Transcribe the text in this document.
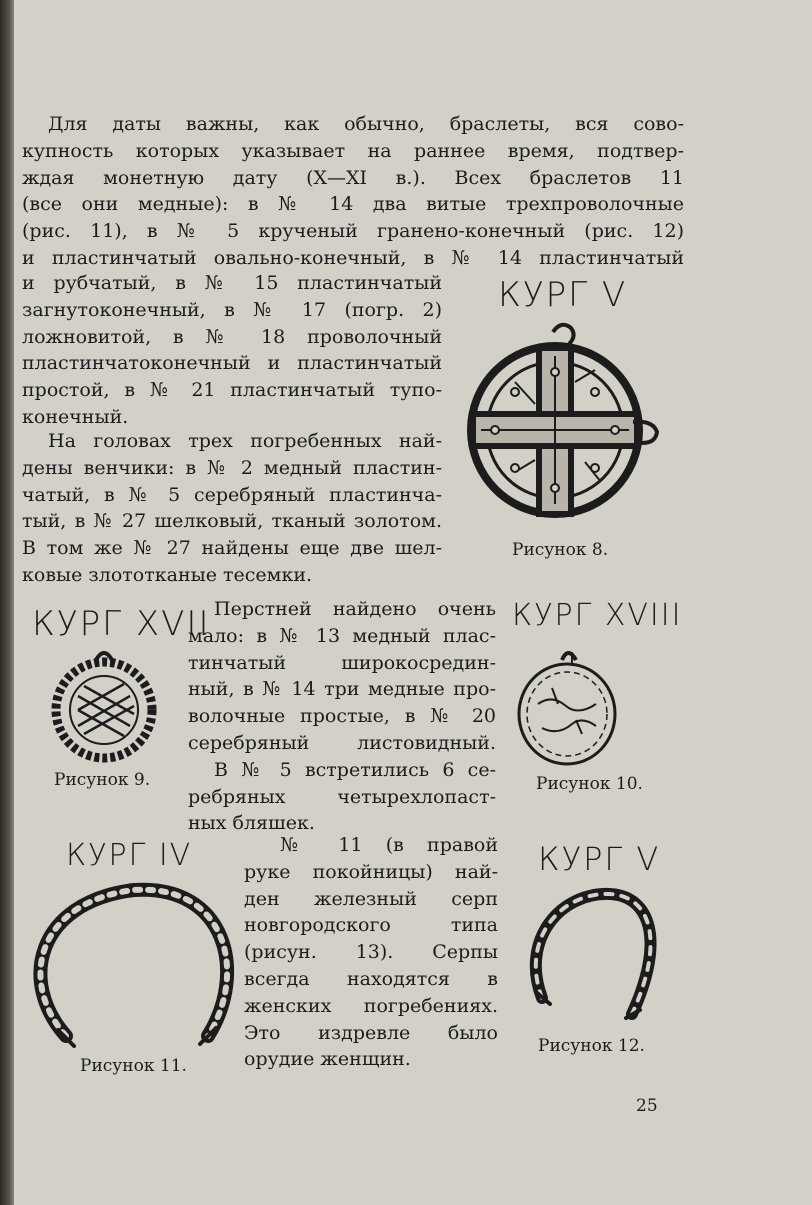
Для даты важны, как обычно, браслеты, вся сово-

купность которых указывает на раннее время, подтвер-

ждая монетную дату (X—XI в.). Всех браслетов 11

(все они медные): в № 14 два витые трехпроволочные

(рис. 11), в № 5 крученый гранено-конечный (рис. 12)

и пластинчатый овально-конечный, в № 14 пластинчатый

и рубчатый, в № 15 пластинчатый

загнутоконечный, в № 17 (погр. 2)

ложновитой, в № 18 проволочный

пластинчатоконечный и пластинчатый

простой, в № 21 пластинчатый тупо-

конечный.

На головах трех погребенных най-

дены венчики: в № 2 медный пластин-

чатый, в № 5 серебряный пластинча-

тый, в № 27 шелковый, тканый золотом.

В том же № 27 найдены еще две шел-

ковые злототканые тесемки.

КУРГ V
Рисунок 8.
КУРГ XVII
Рисунок 9.

Перстней найдено очень

мало: в № 13 медный плас-

тинчатый широкосредин-

ный, в № 14 три медные про-

волочные простые, в № 20

серебряный листовидный.

В № 5 встретились 6 се-

ребряных четырехлопаст-

ных бляшек.

КУРГ XVIII
Рисунок 10.
КУРГ IV
Рисунок 11.

№ 11 (в правой

руке покойницы) най-

ден железный серп

новгородского типа

(рисун. 13). Серпы

всегда находятся в

женских погребениях.

Это издревле было

орудие женщин.

КУРГ V
Рисунок 12.
25
